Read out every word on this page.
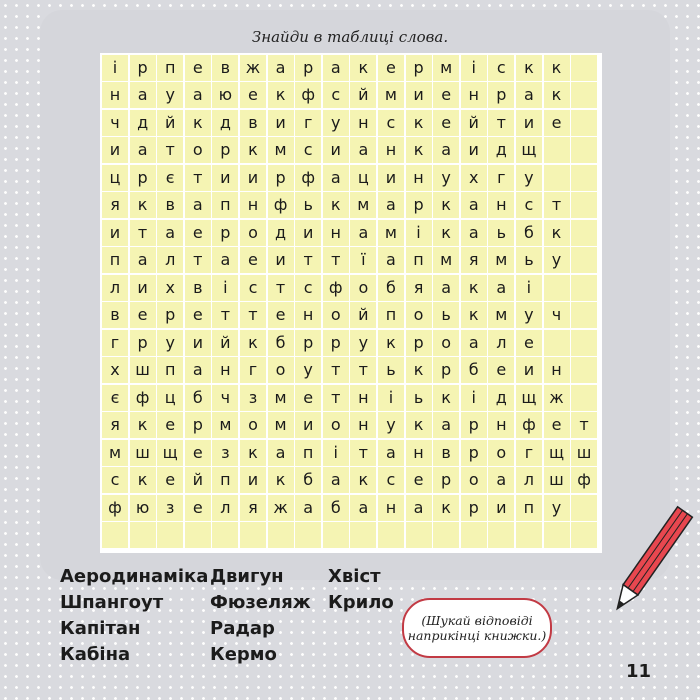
Знайди в таблиці слова.
і	р	п	е	в ж а	р	а	к	е	р	м	і	с	к	к
н	а	у	а ю е	к ф	с	й	м	и	е	н	р	а	к
ч	д	й	к	д	в	и	г	у	н	с	к	е	й	т	и	е
и	а	т	о	р	к	м	с	и	а	н	к	а	и	д щ
ц	р	є	т	и	и	р ф а	ц	и	н	у	х	г	у
я	к	в	а	п	н ф	ь	к	м	а	р	к	а	н	с	т
и	т	а	е	р	о	д	и	н	а	м	і	к	а	ь	б	к
п	а	л	т	а	е	и	т	т	ї	а	п	м	я	м	ь	у
л	и	х	в	і	с	т	с	ф о	б	я	а	к	а	і
в	е	р	е	т	т	е	н	о	й	п	о	ь	к	м	у	ч
г	р	у	и	й	к	б	р	р	у	к	р	о	а	л	е
х ш п	а	н	г	о	у	т	т	ь	к	р	б	е	и	н
є	ф ц	б	ч	з	м	е	т	н	і	ь	к	і	д щ ж
я	к	е	р	м	о	м	и	о	н	у	к	а	р	н ф е	т
м ш щ е	з	к	а	п	і	т	а	н	в	р	о	г щ ш
с	к	е	й	п	и	к	б	а	к	с	е	р	о	а	л ш ф
ф ю	з	е	л	я ж а	б	а	н	а	к	р	и	п	у
Аеродинаміка
Шпангоут
Капітан
Кабіна
Двигун
Фюзеляж
Радар
Кермо
Хвіст
Крило
(Шукай відповіді
наприкінці книжки.)
11
